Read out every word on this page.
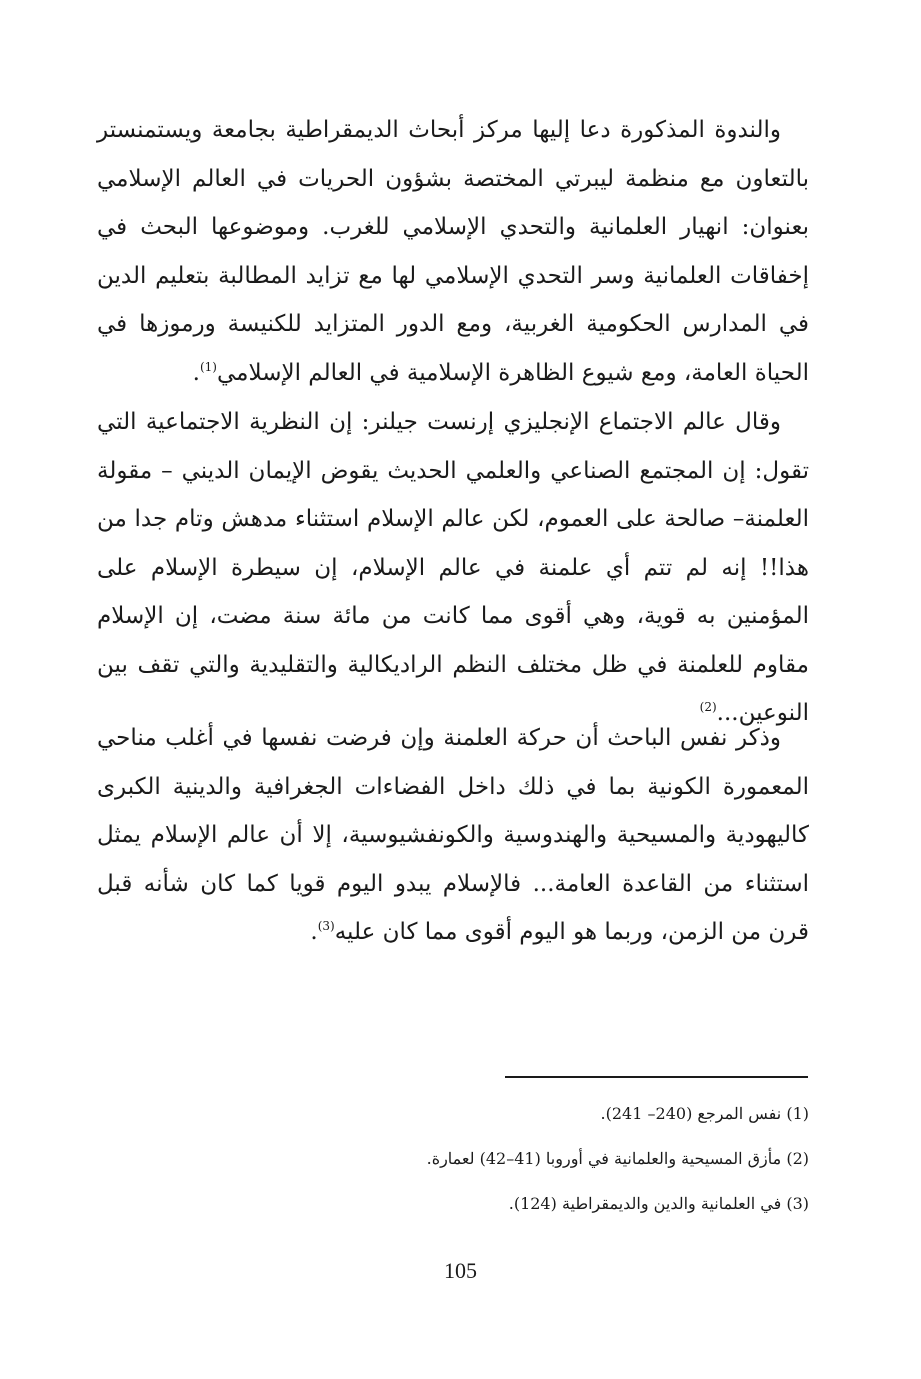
والندوة المذكورة دعا إليها مركز أبحاث الديمقراطية بجامعة ويستمنستر بالتعاون مع منظمة ليبرتي المختصة بشؤون الحريات في العالم الإسلامي بعنوان: انهيار العلمانية والتحدي الإسلامي للغرب. وموضوعها البحث في إخفاقات العلمانية وسر التحدي الإسلامي لها مع تزايد المطالبة بتعليم الدين في المدارس الحكومية الغربية، ومع الدور المتزايد للكنيسة ورموزها في الحياة العامة، ومع شيوع الظاهرة الإسلامية في العالم الإسلامي$^{(1)}$.

وقال عالم الاجتماع الإنجليزي إرنست جيلنر: إن النظرية الاجتماعية التي تقول: إن المجتمع الصناعي والعلمي الحديث يقوض الإيمان الديني – مقولة العلمنة– صالحة على العموم، لكن عالم الإسلام استثناء مدهش وتام جدا من هذا!! إنه لم تتم أي علمنة في عالم الإسلام، إن سيطرة الإسلام على المؤمنين به قوية، وهي أقوى مما كانت من مائة سنة مضت، إن الإسلام مقاوم للعلمنة في ظل مختلف النظم الراديكالية والتقليدية والتي تقف بين النوعين...$^{(2)}$

وذكر نفس الباحث أن حركة العلمنة وإن فرضت نفسها في أغلب مناحي المعمورة الكونية بما في ذلك داخل الفضاءات الجغرافية والدينية الكبرى كاليهودية والمسيحية والهندوسية والكونفشيوسية، إلا أن عالم الإسلام يمثل استثناء من القاعدة العامة... فالإسلام يبدو اليوم قويا كما كان شأنه قبل قرن من الزمن، وربما هو اليوم أقوى مما كان عليه$^{(3)}$.

(1) نفس المرجع (240– 241).

(2) مأزق المسيحية والعلمانية في أوروبا (41–42) لعمارة.

(3) في العلمانية والدين والديمقراطية (124).

105
